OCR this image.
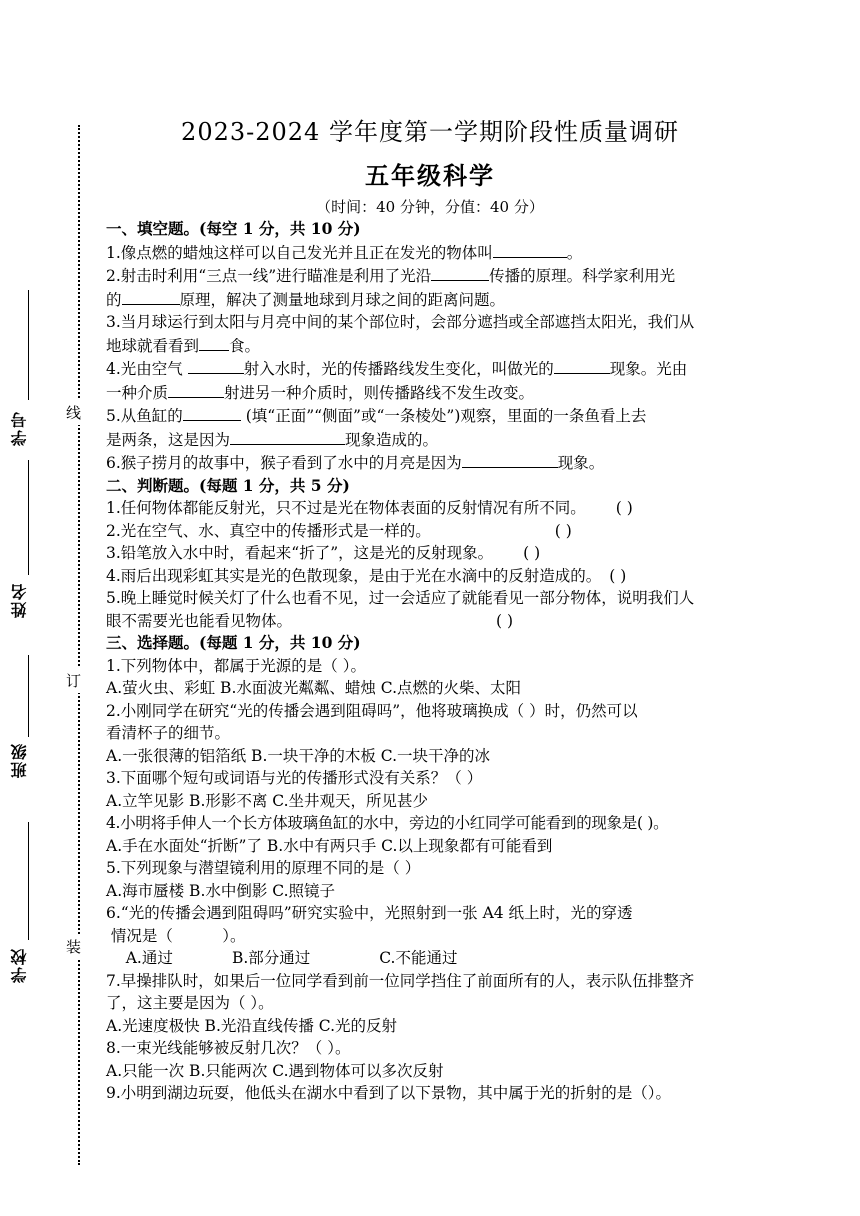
线
订
装
学号
姓名
班级
学校
2023-2024 学年度第一学期阶段性质量调研
五年级科学
（时间：40 分钟，分值：40 分）

一、填空题。(每空 1 分，共 10 分)

1.像点燃的蜡烛这样可以自己发光并且正在发光的物体叫	。

2.射击时利用“三点一线”进行瞄准是利用了光沿	传播的原理。科学家利用光

的	原理，解决了测量地球到月球之间的距离问题。

3.当月球运行到太阳与月亮中间的某个部位时，会部分遮挡或全部遮挡太阳光，我们从

地球就看看到 食。

4.光由空气	射入水时，光的传播路线发生变化，叫做光的	现象。光由

一种介质	射进另一种介质时，则传播路线不发生改变。

5.从鱼缸的	(填“正面”“侧面”或“一条棱处”)观察，里面的一条鱼看上去

是两条，这是因为	现象造成的。

6.猴子捞月的故事中，猴子看到了水中的月亮是因为	现象。

二、判断题。(每题 1 分，共 5 分)

1.任何物体都能反射光，只不过是光在物体表面的反射情况有所不同。 ( )

2.光在空气、水、真空中的传播形式是一样的。	( )

3.铅笔放入水中时，看起来“折了”，这是光的反射现象。 ( )

4.雨后出现彩虹其实是光的色散现象，是由于光在水滴中的反射造成的。 ( )

5.晚上睡觉时候关灯了什么也看不见，过一会适应了就能看见一部分物体，说明我们人

眼不需要光也能看见物体。	( )

三、选择题。(每题 1 分，共 10 分)

1.下列物体中，都属于光源的是（ ）。

A.萤火虫、彩虹 B.水面波光粼粼、蜡烛 C.点燃的火柴、太阳

2.小刚同学在研究“光的传播会遇到阻碍吗”，他将玻璃换成（ ）时，仍然可以

看清杯子的细节。

A.一张很薄的铝箔纸 B.一块干净的木板 C.一块干净的冰

3.下面哪个短句或词语与光的传播形式没有关系？（ ）

A.立竿见影 B.形影不离 C.坐井观天，所见甚少

4.小明将手伸人一个长方体玻璃鱼缸的水中，旁边的小红同学可能看到的现象是( )。

A.手在水面处“折断”了 B.水中有两只手 C.以上现象都有可能看到

5.下列现象与潜望镜利用的原理不同的是（ ）

A.海市蜃楼 B.水中倒影 C.照镜子

6.“光的传播会遇到阻碍吗”研究实验中，光照射到一张 A4 纸上时，光的穿透

情况是（          ）。

A.通过            B.部分通过              C.不能通过

7.早操排队时，如果后一位同学看到前一位同学挡住了前面所有的人，表示队伍排整齐

了，这主要是因为（ ）。

A.光速度极快 B.光沿直线传播 C.光的反射

8.一束光线能够被反射几次？（ ）。

A.只能一次 B.只能两次 C.遇到物体可以多次反射

9.小明到湖边玩耍，他低头在湖水中看到了以下景物，其中属于光的折射的是（）。
